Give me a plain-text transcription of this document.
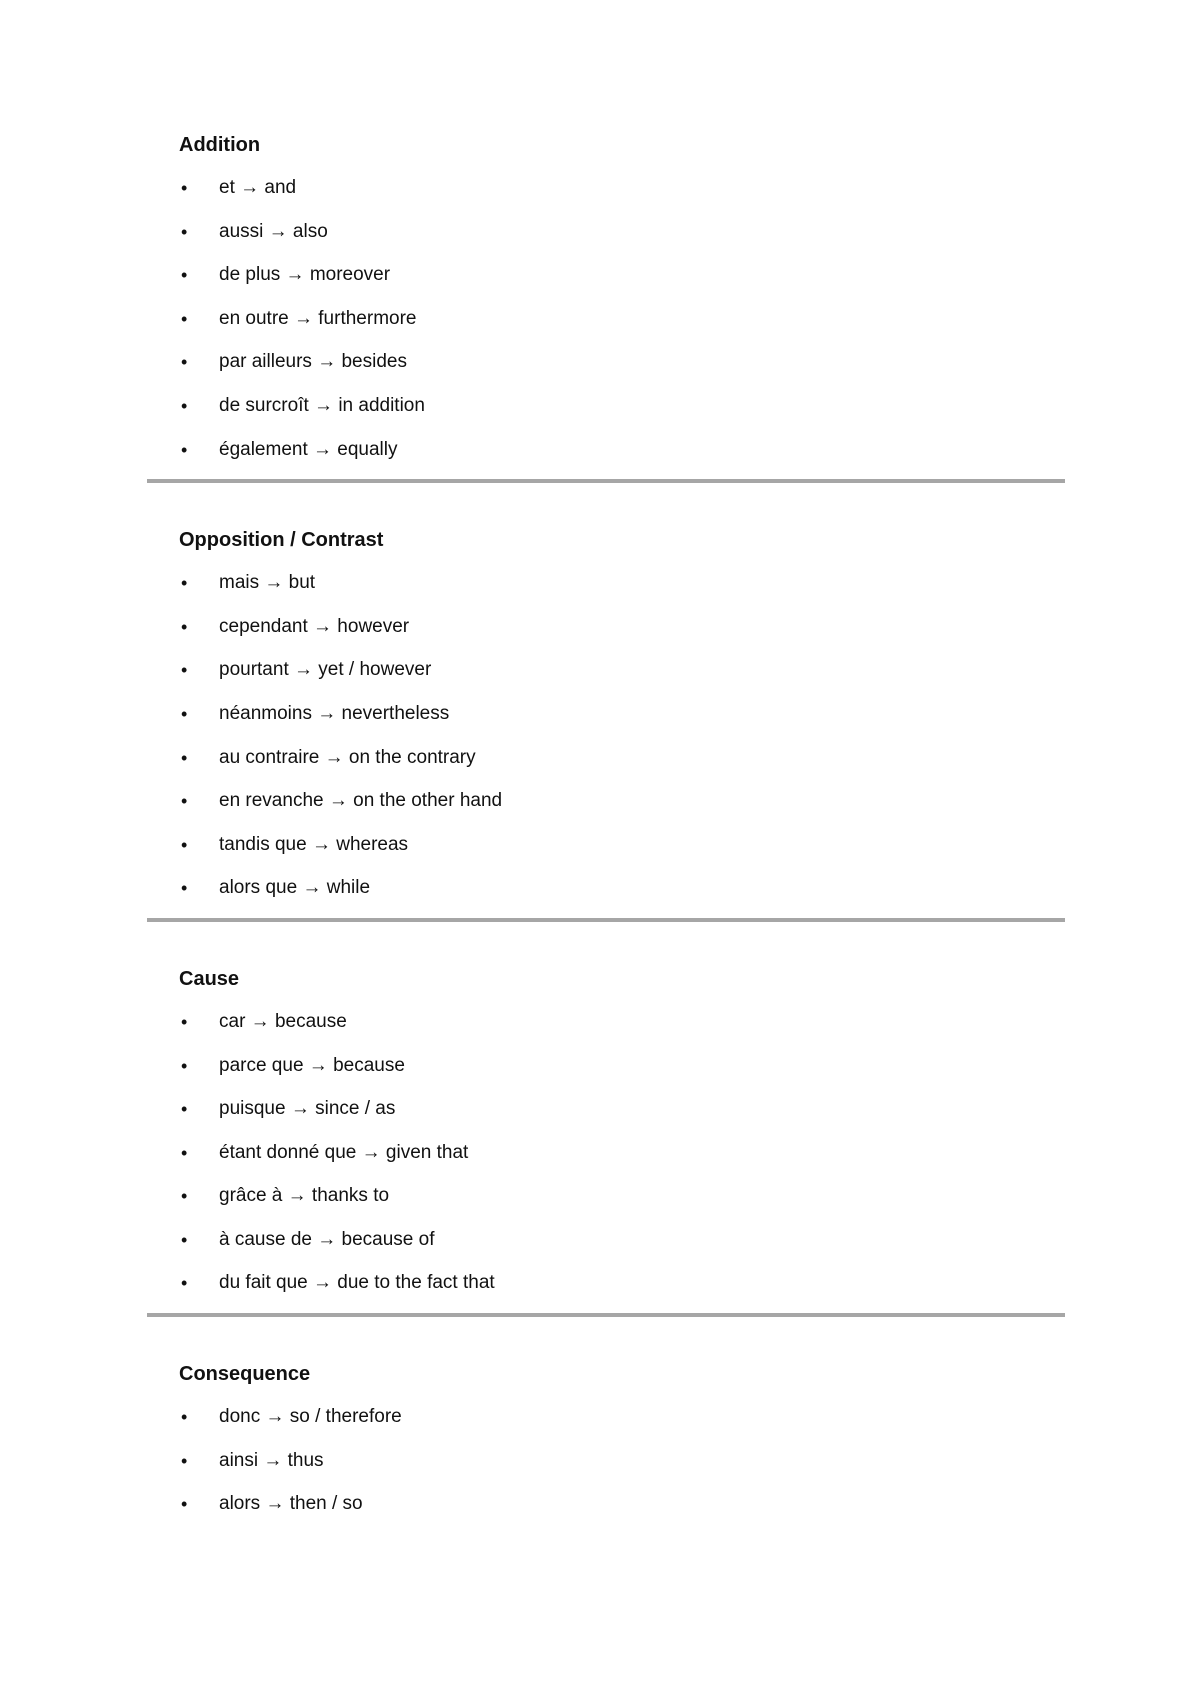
Addition
• et → and
• aussi → also
• de plus → moreover
• en outre → furthermore
• par ailleurs → besides
• de surcroît → in addition
• également → equally
Opposition / Contrast
• mais → but
• cependant → however
• pourtant → yet / however
• néanmoins → nevertheless
• au contraire → on the contrary
• en revanche → on the other hand
• tandis que → whereas
• alors que → while
Cause
• car → because
• parce que → because
• puisque → since / as
• étant donné que → given that
• grâce à → thanks to
• à cause de → because of
• du fait que → due to the fact that
Consequence
• donc → so / therefore
• ainsi → thus
• alors → then / so
